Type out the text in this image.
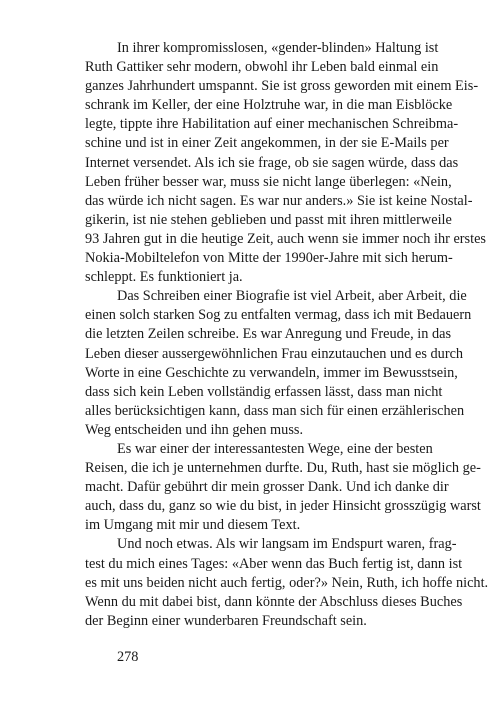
In ihrer kompromisslosen, «gender-blinden» Haltung ist
Ruth Gattiker sehr modern, obwohl ihr Leben bald einmal ein
ganzes Jahrhundert umspannt. Sie ist gross geworden mit einem Eis-
schrank im Keller, der eine Holztruhe war, in die man Eisblöcke
legte, tippte ihre Habilitation auf einer mechanischen Schreibma-
schine und ist in einer Zeit angekommen, in der sie E-Mails per
Internet versendet. Als ich sie frage, ob sie sagen würde, dass das
Leben früher besser war, muss sie nicht lange überlegen: «Nein,
das würde ich nicht sagen. Es war nur anders.» Sie ist keine Nostal-
gikerin, ist nie stehen geblieben und passt mit ihren mittlerweile
93 Jahren gut in die heutige Zeit, auch wenn sie immer noch ihr erstes
Nokia-Mobiltelefon von Mitte der 1990er-Jahre mit sich herum-
schleppt. Es funktioniert ja.
Das Schreiben einer Biografie ist viel Arbeit, aber Arbeit, die
einen solch starken Sog zu entfalten vermag, dass ich mit Bedauern
die letzten Zeilen schreibe. Es war Anregung und Freude, in das
Leben dieser aussergewöhnlichen Frau einzutauchen und es durch
Worte in eine Geschichte zu verwandeln, immer im Bewusstsein,
dass sich kein Leben vollständig erfassen lässt, dass man nicht
alles berücksichtigen kann, dass man sich für einen erzählerischen
Weg entscheiden und ihn gehen muss.
Es war einer der interessantesten Wege, eine der besten
Reisen, die ich je unternehmen durfte. Du, Ruth, hast sie möglich ge-
macht. Dafür gebührt dir mein grosser Dank. Und ich danke dir
auch, dass du, ganz so wie du bist, in jeder Hinsicht grosszügig warst
im Umgang mit mir und diesem Text.
Und noch etwas. Als wir langsam im Endspurt waren, frag-
test du mich eines Tages: «Aber wenn das Buch fertig ist, dann ist
es mit uns beiden nicht auch fertig, oder?» Nein, Ruth, ich hoffe nicht.
Wenn du mit dabei bist, dann könnte der Abschluss dieses Buches
der Beginn einer wunderbaren Freundschaft sein.
278
